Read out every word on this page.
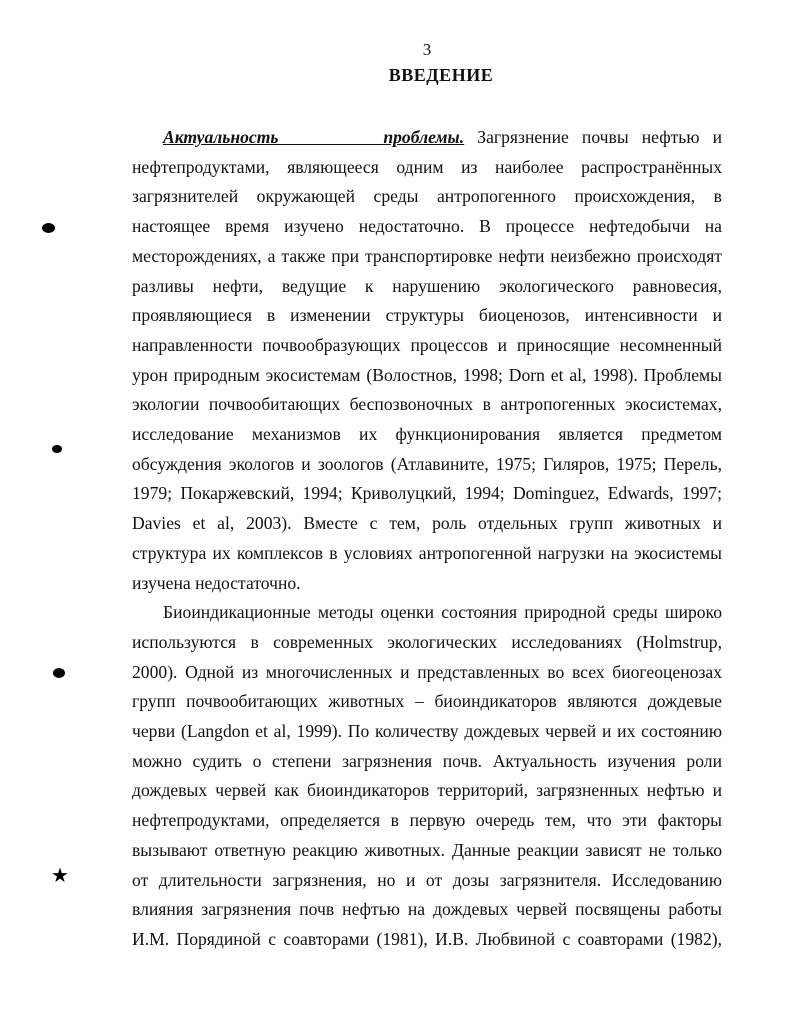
3
ВВЕДЕНИЕ
Актуальность        проблемы. Загрязнение почвы нефтью и
нефтепродуктами, являющееся одним из наиболее распространённых
загрязнителей окружающей среды антропогенного происхождения, в
настоящее время изучено недостаточно. В процессе нефтедобычи на
месторождениях, а также при транспортировке нефти неизбежно происходят
разливы нефти, ведущие к нарушению экологического равновесия,
проявляющиеся в изменении структуры биоценозов, интенсивности и
направленности почвообразующих процессов и приносящие несомненный
урон природным экосистемам (Волостнов, 1998; Dorn et al, 1998). Проблемы
экологии почвообитающих беспозвоночных в антропогенных экосистемах,
исследование механизмов их функционирования является предметом
обсуждения экологов и зоологов (Атлавините, 1975; Гиляров, 1975; Перель,
1979; Покаржевский, 1994; Криволуцкий, 1994; Dominguez, Edwards, 1997;
Davies et al, 2003). Вместе с тем, роль отдельных групп животных и
структура их комплексов в условиях антропогенной нагрузки на экосистемы
изучена недостаточно.
Биоиндикационные методы оценки состояния природной среды широко
используются в современных экологических исследованиях (Holmstrup,
2000). Одной из многочисленных и представленных во всех биогеоценозах
групп почвообитающих животных – биоиндикаторов являются дождевые
черви (Langdon et al, 1999). По количеству дождевых червей и их состоянию
можно судить о степени загрязнения почв. Актуальность изучения роли
дождевых червей как биоиндикаторов территорий, загрязненных нефтью и
нефтепродуктами, определяется в первую очередь тем, что эти факторы
вызывают ответную реакцию животных. Данные реакции зависят не только
от длительности загрязнения, но и от дозы загрязнителя. Исследованию
влияния загрязнения почв нефтью на дождевых червей посвящены работы
И.М. Порядиной с соавторами (1981), И.В. Любвиной с соавторами (1982),
★
